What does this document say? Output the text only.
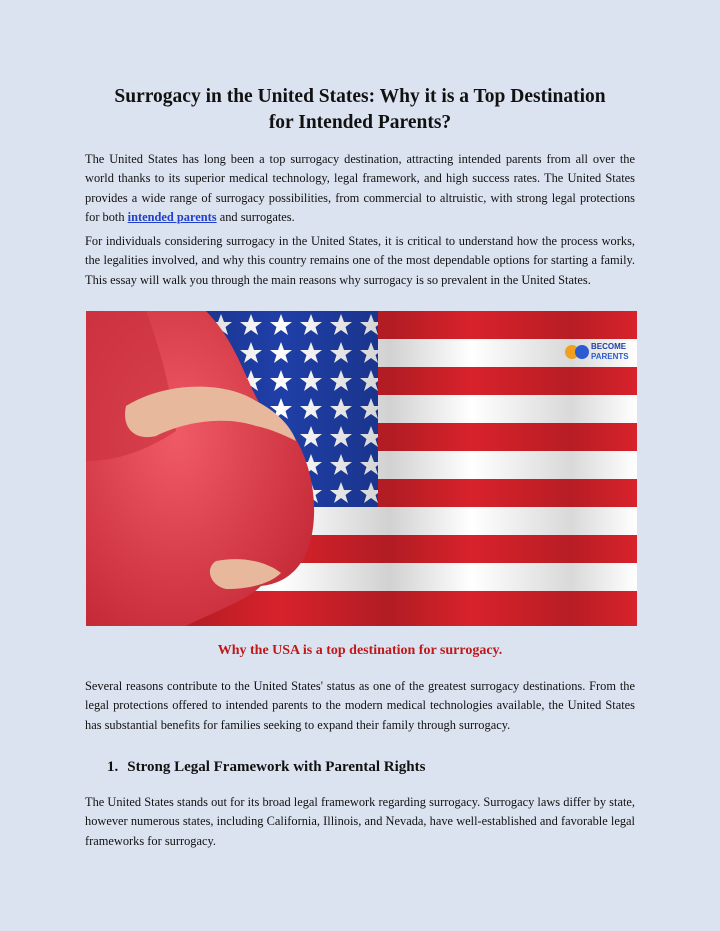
Surrogacy in the United States: Why it is a Top Destination
for Intended Parents?
The United States has long been a top surrogacy destination, attracting intended parents from all over the world thanks to its superior medical technology, legal framework, and high success rates. The United States provides a wide range of surrogacy possibilities, from commercial to altruistic, with strong legal protections for both intended parents and surrogates.
For individuals considering surrogacy in the United States, it is critical to understand how the process works, the legalities involved, and why this country remains one of the most dependable options for starting a family. This essay will walk you through the main reasons why surrogacy is so prevalent in the United States.
BECOME
PARENTS
Why the USA is a top destination for surrogacy.
Several reasons contribute to the United States' status as one of the greatest surrogacy destinations. From the legal protections offered to intended parents to the modern medical technologies available, the United States has substantial benefits for families seeking to expand their family through surrogacy.
1. Strong Legal Framework with Parental Rights
The United States stands out for its broad legal framework regarding surrogacy. Surrogacy laws differ by state, however numerous states, including California, Illinois, and Nevada, have well-established and favorable legal frameworks for surrogacy.
